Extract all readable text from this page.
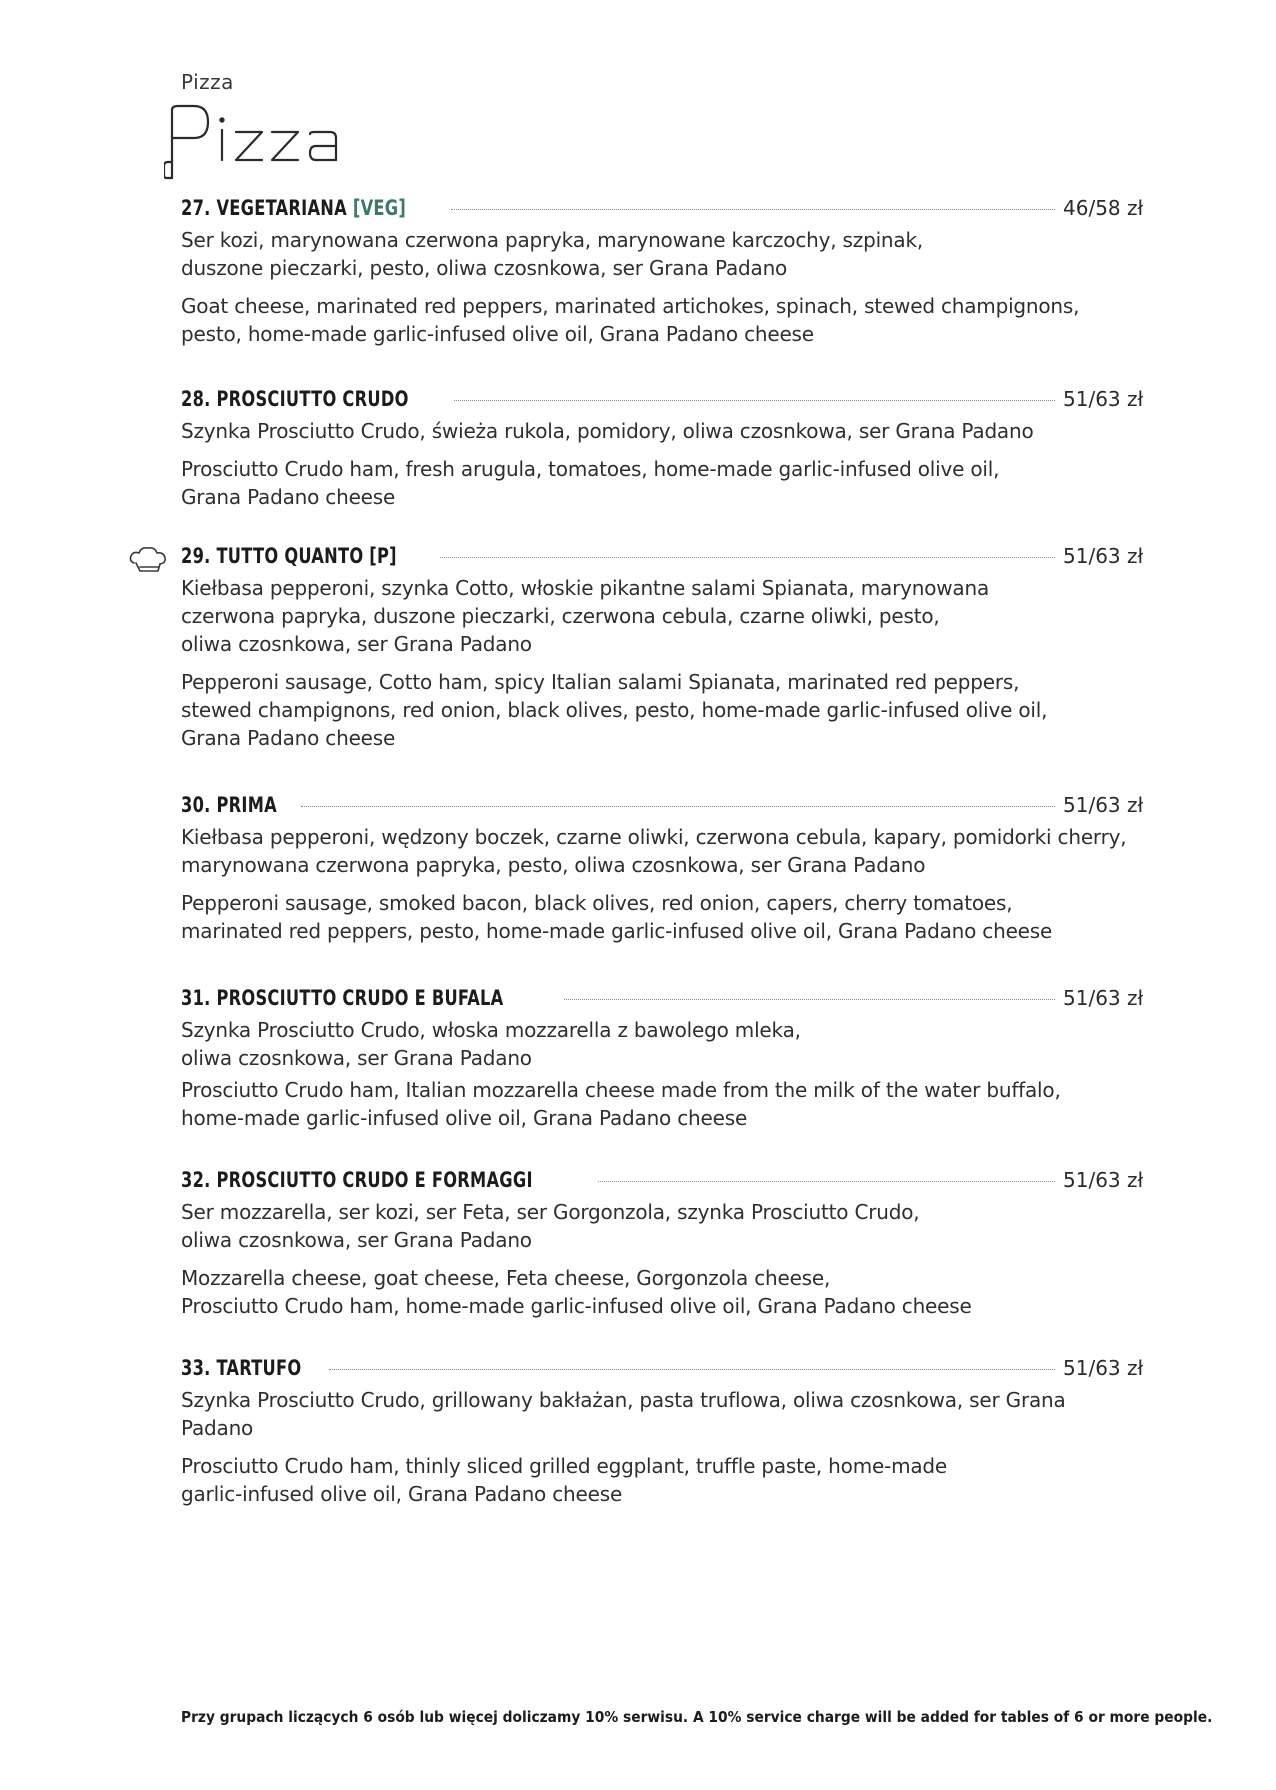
Pizza
27. VEGETARIANA [VEG]	46/58 zł

Ser kozi, marynowana czerwona papryka, marynowane karczochy, szpinak,
duszone pieczarki, pesto, oliwa czosnkowa, ser Grana Padano

Goat cheese, marinated red peppers, marinated artichokes, spinach, stewed champignons,
pesto, home-made garlic-infused olive oil, Grana Padano cheese

28. PROSCIUTTO CRUDO	51/63 zł

Szynka Prosciutto Crudo, świeża rukola, pomidory, oliwa czosnkowa, ser Grana Padano

Prosciutto Crudo ham, fresh arugula, tomatoes, home-made garlic-infused olive oil,
Grana Padano cheese

29. TUTTO QUANTO [P]	51/63 zł

Kiełbasa pepperoni, szynka Cotto, włoskie pikantne salami Spianata, marynowana
czerwona papryka, duszone pieczarki, czerwona cebula, czarne oliwki, pesto,
oliwa czosnkowa, ser Grana Padano

Pepperoni sausage, Cotto ham, spicy Italian salami Spianata, marinated red peppers,
stewed champignons, red onion, black olives, pesto, home-made garlic-infused olive oil,
Grana Padano cheese

30. PRIMA	51/63 zł

Kiełbasa pepperoni, wędzony boczek, czarne oliwki, czerwona cebula, kapary, pomidorki cherry,
marynowana czerwona papryka, pesto, oliwa czosnkowa, ser Grana Padano

Pepperoni sausage, smoked bacon, black olives, red onion, capers, cherry tomatoes,
marinated red peppers, pesto, home-made garlic-infused olive oil, Grana Padano cheese

31. PROSCIUTTO CRUDO E BUFALA	51/63 zł

Szynka Prosciutto Crudo, włoska mozzarella z bawolego mleka,
oliwa czosnkowa, ser Grana Padano

Prosciutto Crudo ham, Italian mozzarella cheese made from the milk of the water buffalo,
home-made garlic-infused olive oil, Grana Padano cheese

32. PROSCIUTTO CRUDO E FORMAGGI	51/63 zł

Ser mozzarella, ser kozi, ser Feta, ser Gorgonzola, szynka Prosciutto Crudo,
oliwa czosnkowa, ser Grana Padano

Mozzarella cheese, goat cheese, Feta cheese, Gorgonzola cheese,
Prosciutto Crudo ham, home-made garlic-infused olive oil, Grana Padano cheese

33. TARTUFO	51/63 zł

Szynka Prosciutto Crudo, grillowany bakłażan, pasta truflowa, oliwa czosnkowa, ser Grana Padano

Prosciutto Crudo ham, thinly sliced grilled eggplant, truffle paste, home-made
garlic-infused olive oil, Grana Padano cheese

Przy grupach liczących 6 osób lub więcej doliczamy 10% serwisu. A 10% service charge will be added for tables of 6 or more people.
